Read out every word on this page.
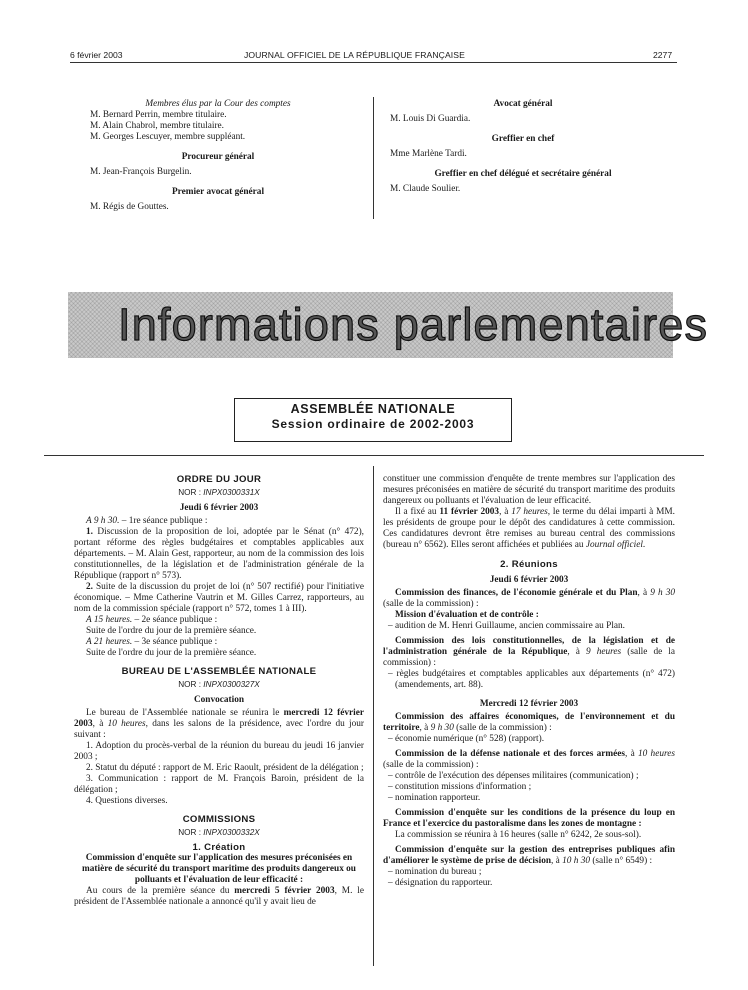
6 février 2003	JOURNAL OFFICIEL DE LA RÉPUBLIQUE FRANÇAISE	2277
Membres élus par la Cour des comptes
M. Bernard Perrin, membre titulaire.
M. Alain Chabrol, membre titulaire.
M. Georges Lescuyer, membre suppléant.
Procureur général
M. Jean-François Burgelin.
Premier avocat général
M. Régis de Gouttes.
Avocat général
M. Louis Di Guardia.
Greffier en chef
Mme Marlène Tardi.
Greffier en chef délégué et secrétaire général
M. Claude Soulier.
Informations parlementaires
ASSEMBLÉE NATIONALE
Session ordinaire de 2002-2003
ORDRE DU JOUR
NOR : INPX0300331X
Jeudi 6 février 2003
A 9 h 30. – 1re séance publique :
1. Discussion de la proposition de loi, adoptée par le Sénat (n° 472), portant réforme des règles budgétaires et comptables applicables aux départements. – M. Alain Gest, rapporteur, au nom de la commission des lois constitutionnelles, de la législation et de l'administration générale de la République (rapport n° 573).
2. Suite de la discussion du projet de loi (n° 507 rectifié) pour l'initiative économique. – Mme Catherine Vautrin et M. Gilles Carrez, rapporteurs, au nom de la commission spéciale (rapport n° 572, tomes 1 à III).
A 15 heures. – 2e séance publique :
Suite de l'ordre du jour de la première séance.
A 21 heures. – 3e séance publique :
Suite de l'ordre du jour de la première séance.
BUREAU DE L'ASSEMBLÉE NATIONALE
NOR : INPX0300327X
Convocation
Le bureau de l'Assemblée nationale se réunira le mercredi 12 février 2003, à 10 heures, dans les salons de la présidence, avec l'ordre du jour suivant :
1. Adoption du procès-verbal de la réunion du bureau du jeudi 16 janvier 2003 ;
2. Statut du député : rapport de M. Eric Raoult, président de la délégation ;
3. Communication : rapport de M. François Baroin, président de la délégation ;
4. Questions diverses.
COMMISSIONS
NOR : INPX0300332X
1. Création
Commission d'enquête sur l'application des mesures préconisées en matière de sécurité du transport maritime des produits dangereux ou polluants et l'évaluation de leur efficacité :
Au cours de la première séance du mercredi 5 février 2003, M. le président de l'Assemblée nationale a annoncé qu'il y avait lieu de
constituer une commission d'enquête de trente membres sur l'application des mesures préconisées en matière de sécurité du transport maritime des produits dangereux ou polluants et l'évaluation de leur efficacité.
Il a fixé au 11 février 2003, à 17 heures, le terme du délai imparti à MM. les présidents de groupe pour le dépôt des candidatures à cette commission. Ces candidatures devront être remises au bureau central des commissions (bureau n° 6562). Elles seront affichées et publiées au Journal officiel.
2. Réunions
Jeudi 6 février 2003
Commission des finances, de l'économie générale et du Plan, à 9 h 30 (salle de la commission) :
Mission d'évaluation et de contrôle :
– audition de M. Henri Guillaume, ancien commissaire au Plan.
Commission des lois constitutionnelles, de la législation et de l'administration générale de la République, à 9 heures (salle de la commission) :
– règles budgétaires et comptables applicables aux départements (n° 472) (amendements, art. 88).
Mercredi 12 février 2003
Commission des affaires économiques, de l'environnement et du territoire, à 9 h 30 (salle de la commission) :
– économie numérique (n° 528) (rapport).
Commission de la défense nationale et des forces armées, à 10 heures (salle de la commission) :
– contrôle de l'exécution des dépenses militaires (communication) ;
– constitution missions d'information ;
– nomination rapporteur.
Commission d'enquête sur les conditions de la présence du loup en France et l'exercice du pastoralisme dans les zones de montagne :
La commission se réunira à 16 heures (salle n° 6242, 2e sous-sol).
Commission d'enquête sur la gestion des entreprises publiques afin d'améliorer le système de prise de décision, à 10 h 30 (salle n° 6549) :
– nomination du bureau ;
– désignation du rapporteur.
